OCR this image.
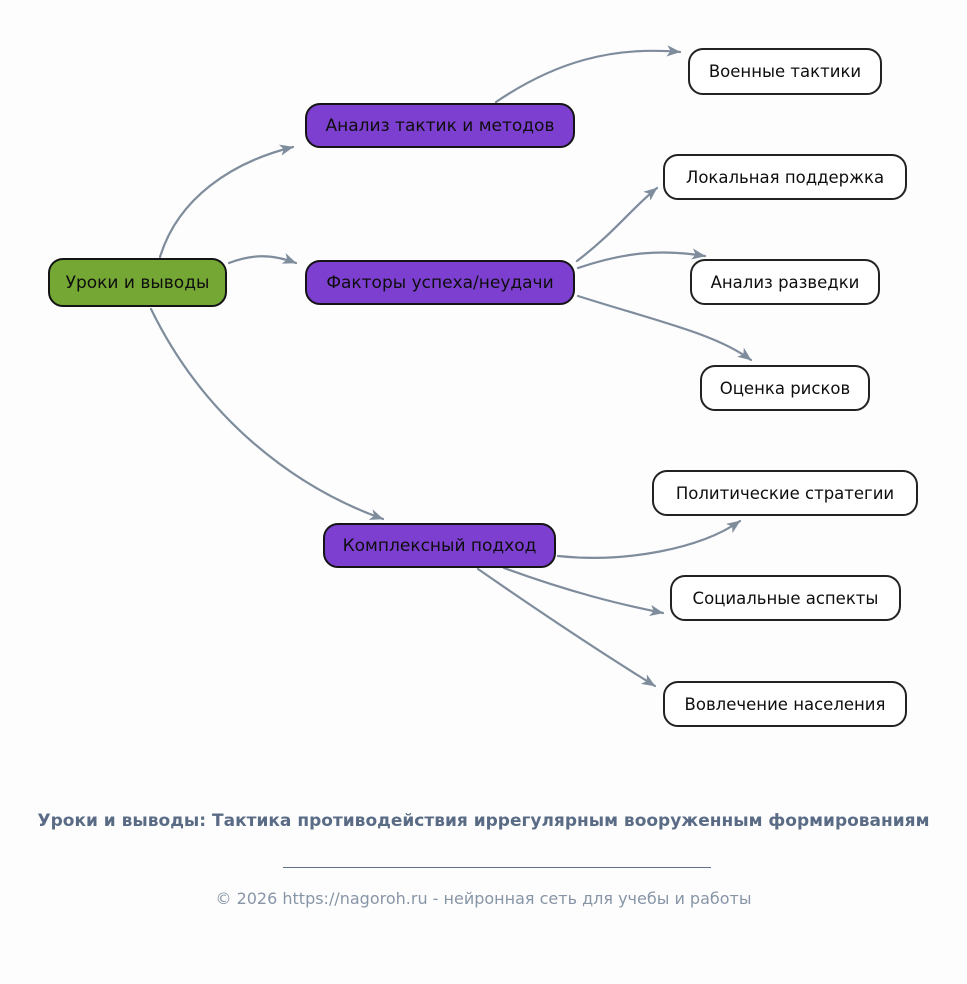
Уроки и выводы
Анализ тактик и методов
Факторы успеха/неудачи
Комплексный подход
Военные тактики
Локальная поддержка
Анализ разведки
Оценка рисков
Политические стратегии
Социальные аспекты
Вовлечение населения
Уроки и выводы: Тактика противодействия иррегулярным вооруженным формированиям
© 2026 https://nagoroh.ru - нейронная сеть для учебы и работы
